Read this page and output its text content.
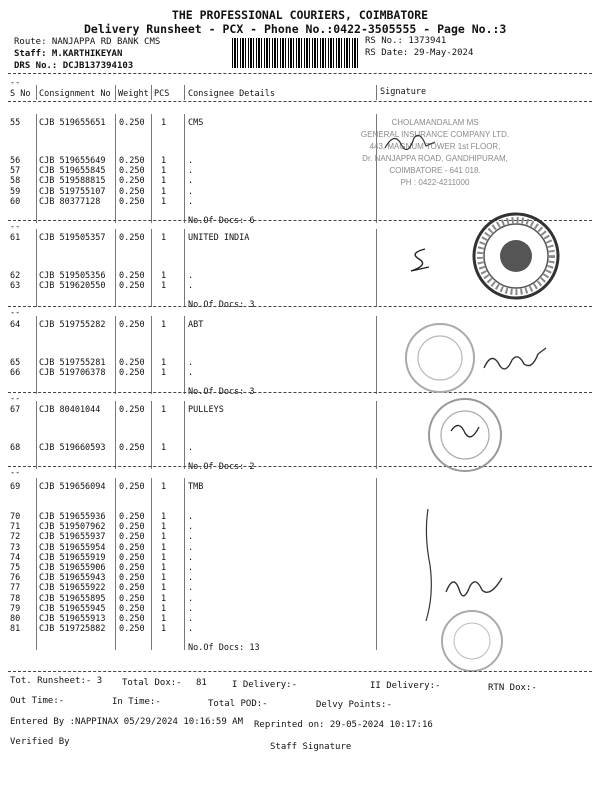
THE PROFESSIONAL COURIERS, COIMBATORE
Delivery Runsheet - PCX - Phone No.:0422-3505555 - Page No.:3
Route: NANJAPPA RD BANK CMS
Staff: M.KARTHIKEYAN
DRS No.: DCJB137394103
RS No.: 1373941
RS Date: 29-May-2024
--
S No Consignment No Weight PCS Consignee Details	Signature
55 CJB 519655651 0.250 1	CMS
56 CJB 519655649 0.250 1	.
57 CJB 519655845 0.250 1	.
58 CJB 519588815 0.250 1	.
59 CJB 519755107 0.250 1	.
60 CJB 80377128 0.250 1	.
No.Of Docs: 6
--
61 CJB 519505357 0.250 1	UNITED INDIA
62 CJB 519505356 0.250 1	.
63 CJB 519620550 0.250 1	.
No.Of Docs: 3
--
64 CJB 519755282 0.250 1	ABT
65 CJB 519755281 0.250 1	.
66 CJB 519706378 0.250 1	.
No.Of Docs: 3
--
67 CJB 80401044 0.250 1	PULLEYS
68 CJB 519660593 0.250 1	.
No.Of Docs: 2
--
69 CJB 519656094 0.250 1	TMB
70 CJB 519655936 0.250 1	.
71 CJB 519507962 0.250 1	.
72 CJB 519655937 0.250 1	.
73 CJB 519655954 0.250 1	.
74 CJB 519655919 0.250 1	.
75 CJB 519655906 0.250 1	.
76 CJB 519655943 0.250 1	.
77 CJB 519655922 0.250 1	.
78 CJB 519655895 0.250 1	.
79 CJB 519655945 0.250 1	.
80 CJB 519655913 0.250 1	.
81 CJB 519725882 0.250 1	.
No.Of Docs: 13
CHOLAMANDALAM MS
GENERAL INSURANCE COMPANY LTD.
443, MAGNUM TOWER 1st FLOOR,
Dr. NANJAPPA ROAD, GANDHIPURAM,
COIMBATORE - 641 018.
PH : 0422-4211000
Tot. Runsheet:- 3 Total Dox:- 81	I Delivery:-	II Delivery:-	RTN Dox:-
Out Time:-	In Time:-	Total POD:-	Delvy Points:-
Entered By :NAPPINAX 05/29/2024 10:16:59 AM Reprinted on: 29-05-2024 10:17:16
Verified By	Staff Signature
